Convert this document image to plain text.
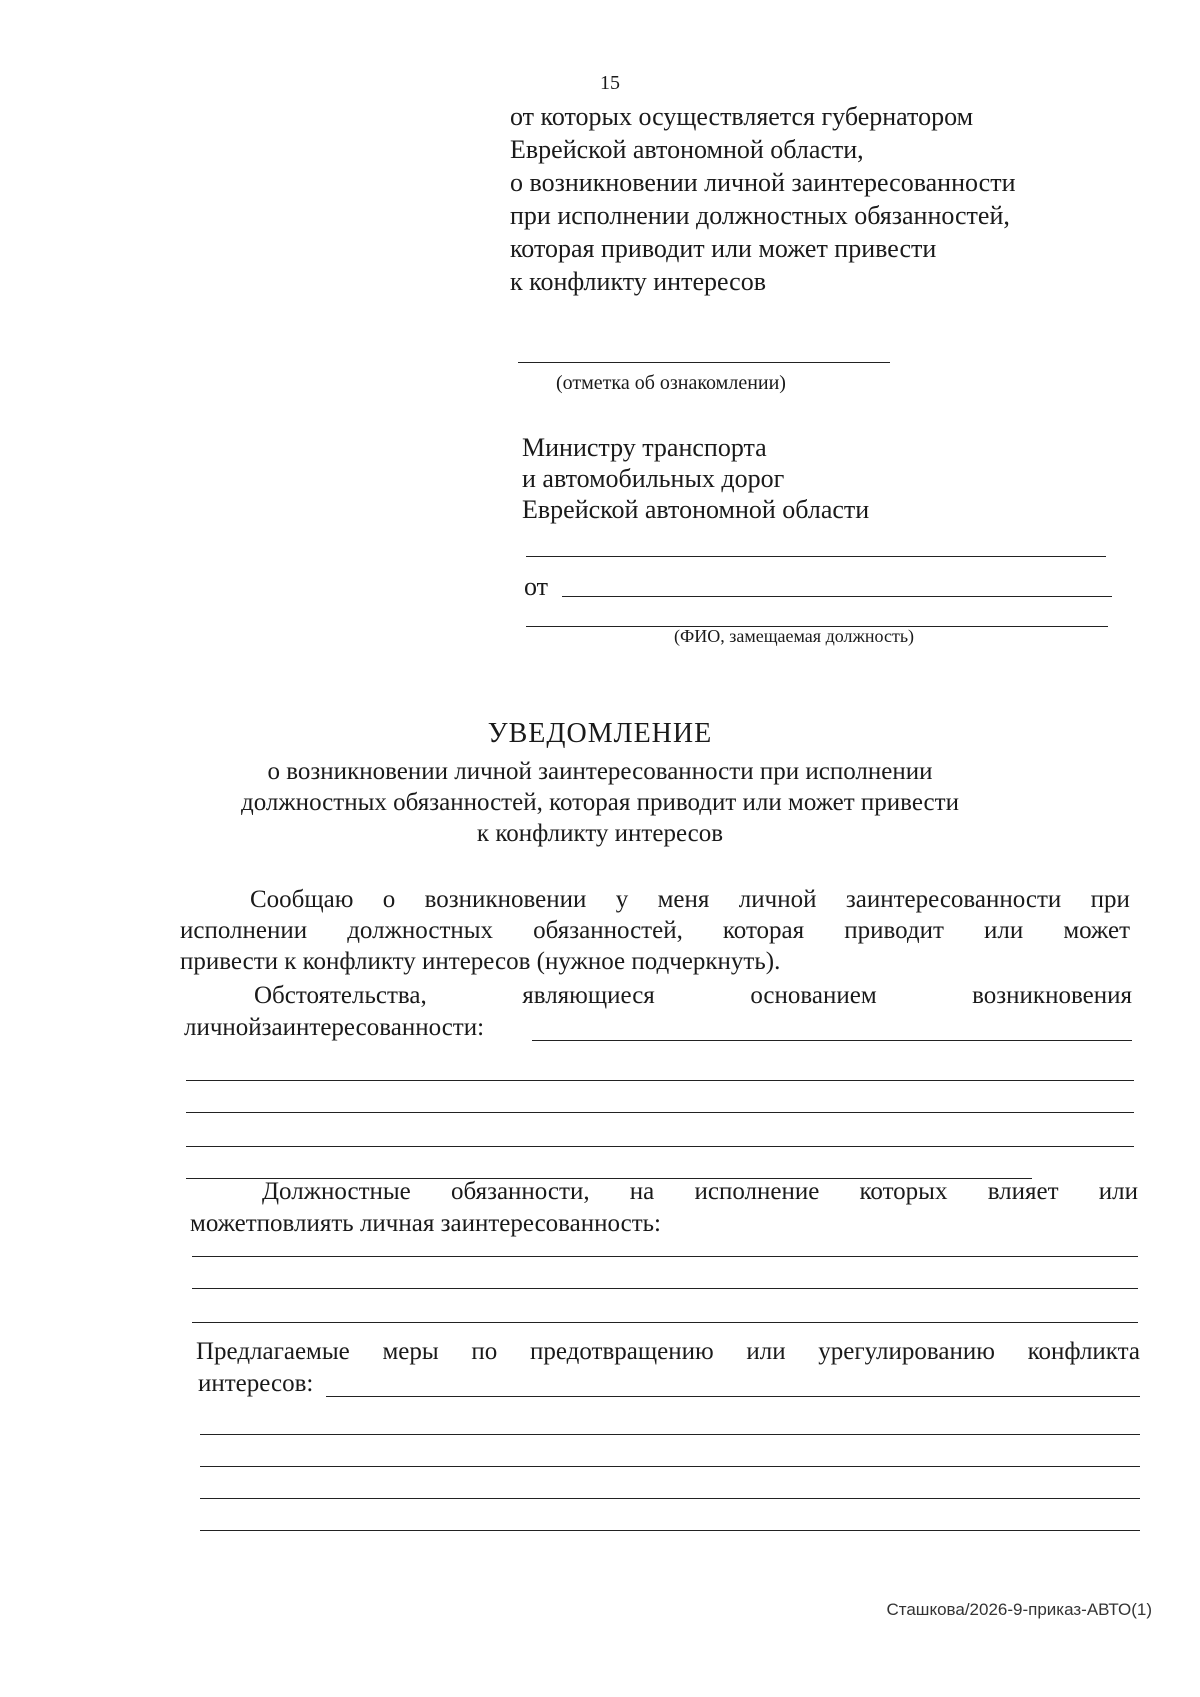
15
от которых осуществляется губернатором
Еврейской автономной области,
о возникновении личной заинтересованности
при исполнении должностных обязанностей,
которая приводит или может привести
к конфликту интересов
(отметка об ознакомлении)
Министру транспорта
и автомобильных дорог
Еврейской автономной области
от
(ФИО, замещаемая должность)
УВЕДОМЛЕНИЕ
о возникновении личной заинтересованности при исполнении
должностных обязанностей, которая приводит или может привести
к конфликту интересов
Сообщаю о возникновении у меня личной заинтересованности при
исполнении должностных обязанностей, которая приводит или может
привести к конфликту интересов (нужное подчеркнуть).
Обстоятельства,	являющиеся	основанием	возникновения
личнойзаинтересованности:
Должностные обязанности, на исполнение которых влияет или
можетповлиять личная заинтересованность:
Предлагаемые меры по предотвращению или урегулированию конфликта
интересов:
Сташкова/2026-9-приказ-АВТО(1)
